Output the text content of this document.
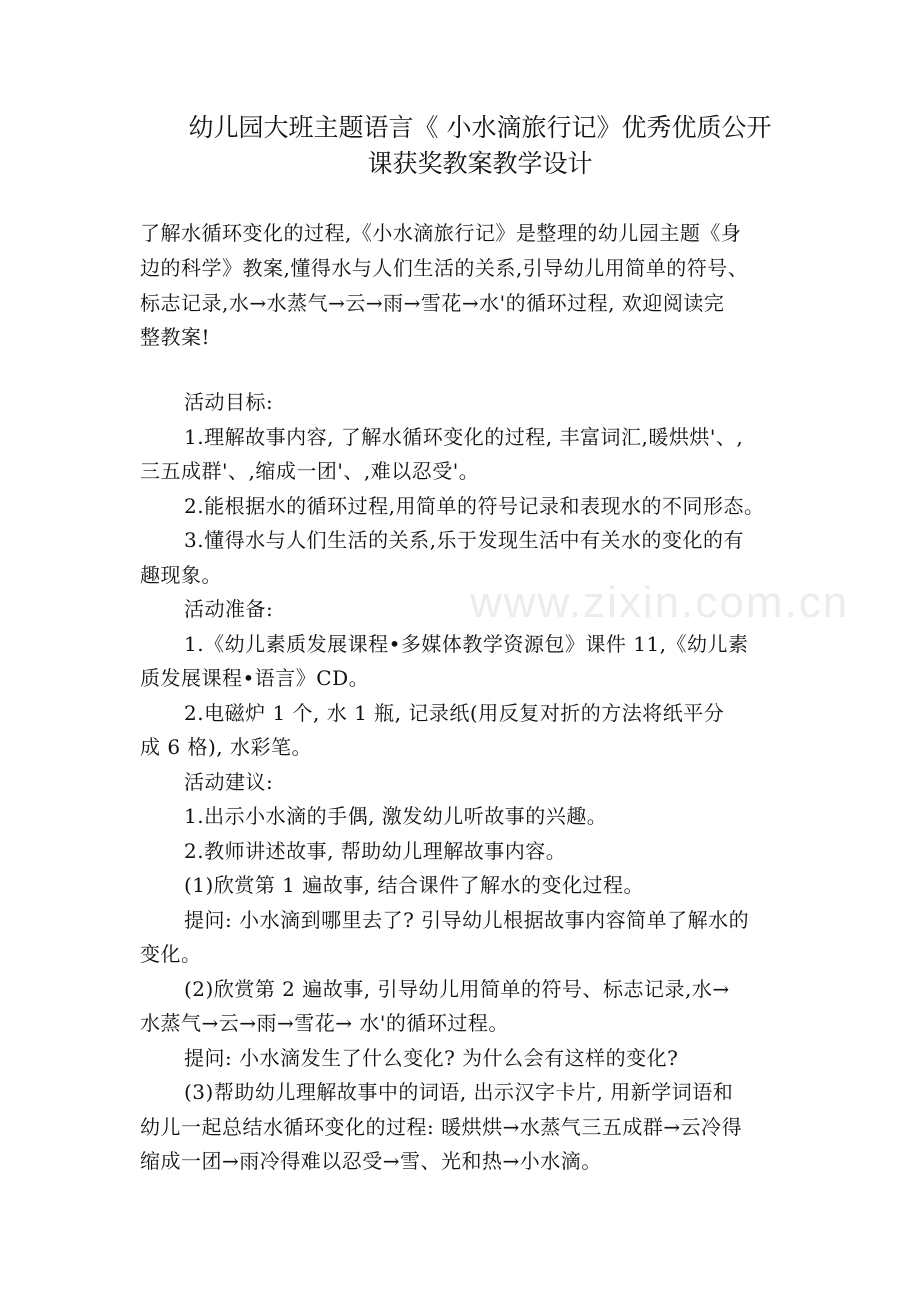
幼儿园大班主题语言《 小水滴旅行记》优秀优质公开
课获奖教案教学设计

了解水循环变化的过程,《小水滴旅行记》是整理的幼儿园主题《身

边的科学》教案,懂得水与人们生活的关系,引导幼儿用简单的符号、

标志记录,水→水蒸气→云→雨→雪花→水'的循环过程, 欢迎阅读完

整教案!

活动目标:

1.理解故事内容, 了解水循环变化的过程, 丰富词汇,暖烘烘'、,

三五成群'、,缩成一团'、,难以忍受'。

2.能根据水的循环过程,用简单的符号记录和表现水的不同形态。

3.懂得水与人们生活的关系,乐于发现生活中有关水的变化的有

趣现象。

活动准备:

1.《幼儿素质发展课程•多媒体教学资源包》课件 11,《幼儿素

质发展课程•语言》CD。

2.电磁炉 1 个, 水 1 瓶, 记录纸(用反复对折的方法将纸平分

成 6 格), 水彩笔。

活动建议:

1.出示小水滴的手偶, 激发幼儿听故事的兴趣。

2.教师讲述故事, 帮助幼儿理解故事内容。

(1)欣赏第 1 遍故事, 结合课件了解水的变化过程。

提问: 小水滴到哪里去了? 引导幼儿根据故事内容简单了解水的

变化。

(2)欣赏第 2 遍故事, 引导幼儿用简单的符号、标志记录,水→

水蒸气→云→雨→雪花→ 水'的循环过程。

提问: 小水滴发生了什么变化? 为什么会有这样的变化?

(3)帮助幼儿理解故事中的词语, 出示汉字卡片, 用新学词语和

幼儿一起总结水循环变化的过程: 暖烘烘→水蒸气三五成群→云冷得

缩成一团→雨冷得难以忍受→雪、光和热→小水滴。

www.zixin.com.cn
